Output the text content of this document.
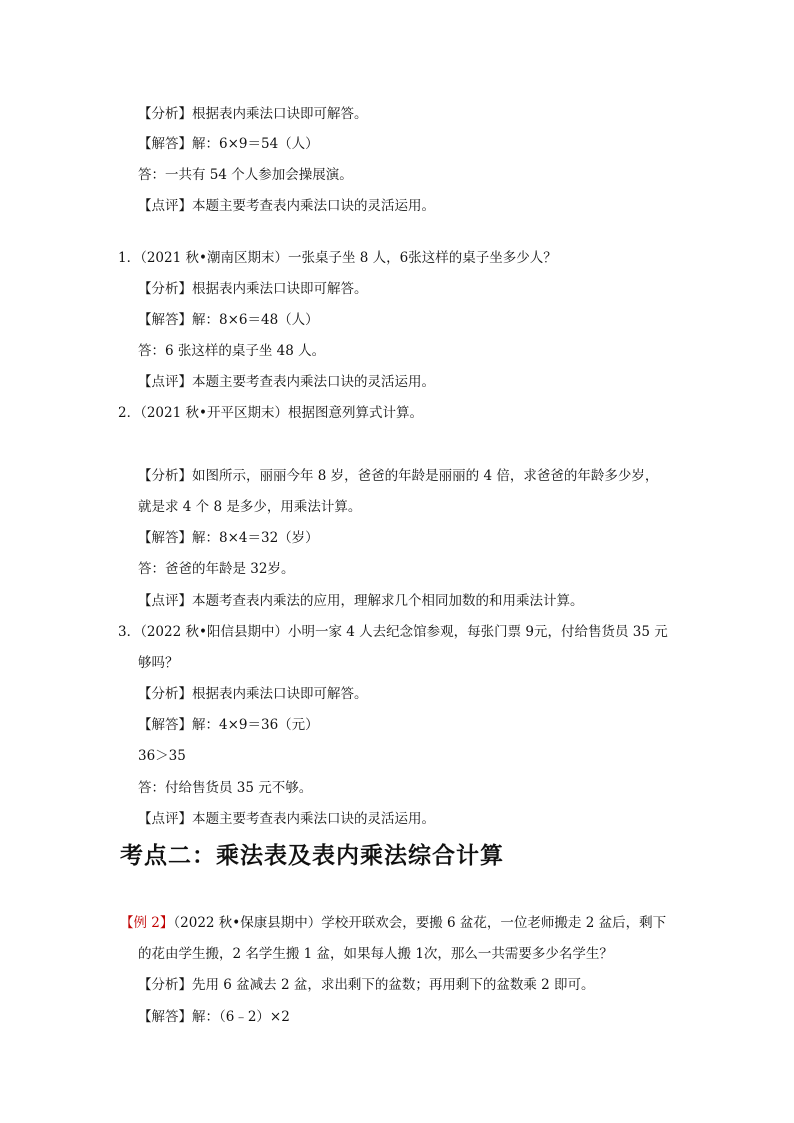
【分析】根据表内乘法口诀即可解答。
【解答】解：6×9＝54（人）
答：一共有 54 个人参加会操展演。
【点评】本题主要考查表内乘法口诀的灵活运用。
1．（2021 秋•潮南区期末）一张桌子坐 8 人，6张这样的桌子坐多少人？
【分析】根据表内乘法口诀即可解答。
【解答】解：8×6＝48（人）
答：6 张这样的桌子坐 48 人。
【点评】本题主要考查表内乘法口诀的灵活运用。
2．（2021 秋•开平区期末）根据图意列算式计算。
【分析】如图所示，丽丽今年 8 岁，爸爸的年龄是丽丽的 4 倍，求爸爸的年龄多少岁，
就是求 4 个 8 是多少，用乘法计算。
【解答】解：8×4＝32（岁）
答：爸爸的年龄是 32岁。
【点评】本题考查表内乘法的应用，理解求几个相同加数的和用乘法计算。
3．（2022 秋•阳信县期中）小明一家 4 人去纪念馆参观，每张门票 9元，付给售货员 35 元
够吗？
【分析】根据表内乘法口诀即可解答。
【解答】解：4×9＝36（元）
36＞35
答：付给售货员 35 元不够。
【点评】本题主要考查表内乘法口诀的灵活运用。
考点二：乘法表及表内乘法综合计算
【例 2】（2022 秋•保康县期中）学校开联欢会，要搬 6 盆花，一位老师搬走 2 盆后，剩下
的花由学生搬，2 名学生搬 1 盆，如果每人搬 1次，那么一共需要多少名学生？
【分析】先用 6 盆减去 2 盆，求出剩下的盆数；再用剩下的盆数乘 2 即可。
【解答】解：（6﹣2）×2
